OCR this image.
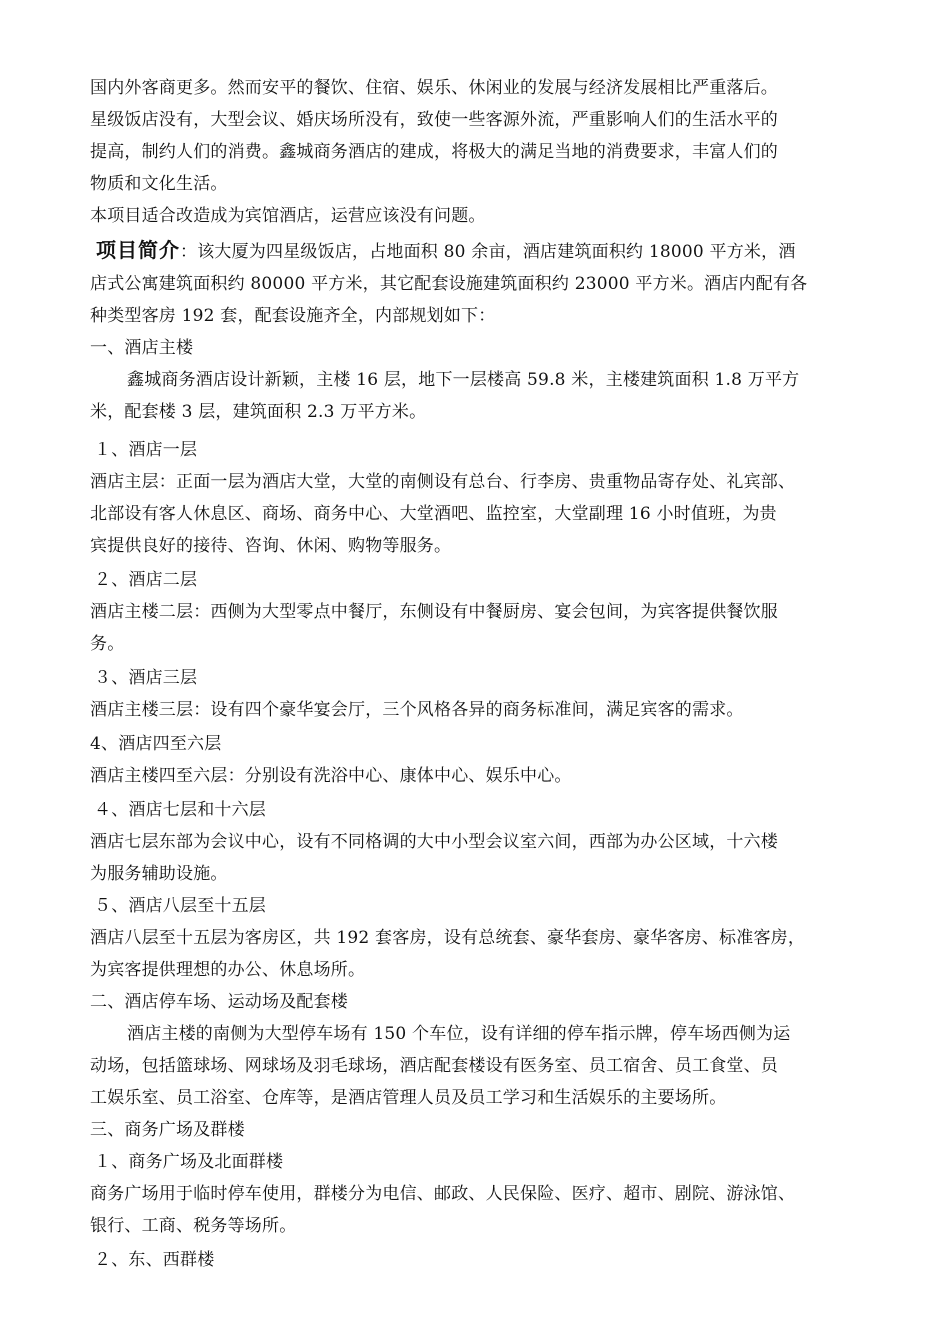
国内外客商更多。然而安平的餐饮、住宿、娱乐、休闲业的发展与经济发展相比严重落后。

星级饭店没有，大型会议、婚庆场所没有，致使一些客源外流，严重影响人们的生活水平的

提高，制约人们的消费。鑫城商务酒店的建成，将极大的满足当地的消费要求，丰富人们的

物质和文化生活。

本项目适合改造成为宾馆酒店，运营应该没有问题。

项目简介：该大厦为四星级饭店，占地面积 80 余亩，酒店建筑面积约 18000 平方米，酒

店式公寓建筑面积约 80000 平方米，其它配套设施建筑面积约 23000 平方米。酒店内配有各

种类型客房 192 套，配套设施齐全，内部规划如下：

一、酒店主楼

鑫城商务酒店设计新颖，主楼 16 层，地下一层楼高 59.8 米，主楼建筑面积 1.8 万平方

米，配套楼 3 层，建筑面积 2.3 万平方米。

１、酒店一层

酒店主层：正面一层为酒店大堂，大堂的南侧设有总台、行李房、贵重物品寄存处、礼宾部、

北部设有客人休息区、商场、商务中心、大堂酒吧、监控室，大堂副理 16 小时值班，为贵

宾提供良好的接待、咨询、休闲、购物等服务。

２、酒店二层

酒店主楼二层：西侧为大型零点中餐厅，东侧设有中餐厨房、宴会包间，为宾客提供餐饮服

务。

３、酒店三层

酒店主楼三层：设有四个豪华宴会厅，三个风格各异的商务标准间，满足宾客的需求。

4、酒店四至六层

酒店主楼四至六层：分别设有洗浴中心、康体中心、娱乐中心。

４、酒店七层和十六层

酒店七层东部为会议中心，设有不同格调的大中小型会议室六间，西部为办公区域，十六楼

为服务辅助设施。

５、酒店八层至十五层

酒店八层至十五层为客房区，共 192 套客房，设有总统套、豪华套房、豪华客房、标准客房，

为宾客提供理想的办公、休息场所。

二、酒店停车场、运动场及配套楼

酒店主楼的南侧为大型停车场有 150 个车位，设有详细的停车指示牌，停车场西侧为运

动场，包括篮球场、网球场及羽毛球场，酒店配套楼设有医务室、员工宿舍、员工食堂、员

工娱乐室、员工浴室、仓库等，是酒店管理人员及员工学习和生活娱乐的主要场所。

三、商务广场及群楼

１、商务广场及北面群楼

商务广场用于临时停车使用，群楼分为电信、邮政、人民保险、医疗、超市、剧院、游泳馆、

银行、工商、税务等场所。

２、东、西群楼
